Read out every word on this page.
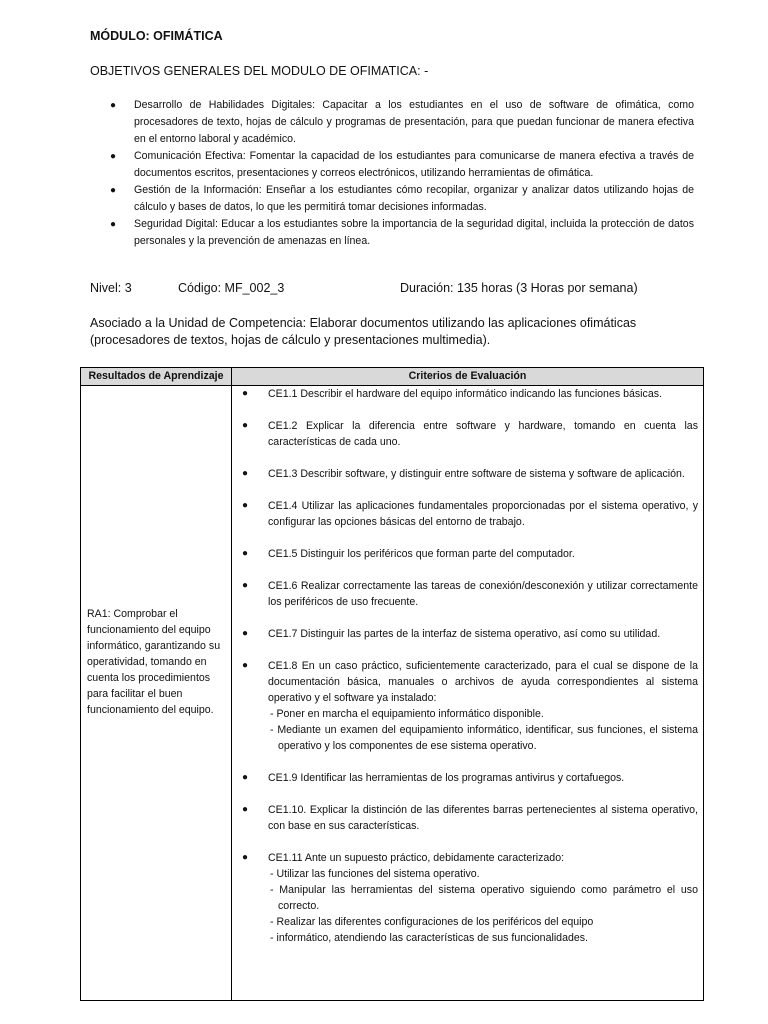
MÓDULO: OFIMÁTICA
OBJETIVOS GENERALES DEL MODULO DE OFIMATICA: -
● Desarrollo de Habilidades Digitales: Capacitar a los estudiantes en el uso de software de ofimática, como procesadores de texto, hojas de cálculo y programas de presentación, para que puedan funcionar de manera efectiva en el entorno laboral y académico.
● Comunicación Efectiva: Fomentar la capacidad de los estudiantes para comunicarse de manera efectiva a través de documentos escritos, presentaciones y correos electrónicos, utilizando herramientas de ofimática.
● Gestión de la Información: Enseñar a los estudiantes cómo recopilar, organizar y analizar datos utilizando hojas de cálculo y bases de datos, lo que les permitirá tomar decisiones informadas.
● Seguridad Digital: Educar a los estudiantes sobre la importancia de la seguridad digital, incluida la protección de datos personales y la prevención de amenazas en línea.
Nivel: 3	Código: MF_002_3	Duración: 135 horas (3 Horas por semana)
Asociado a la Unidad de Competencia: Elaborar documentos utilizando las aplicaciones ofimáticas (procesadores de textos, hojas de cálculo y presentaciones multimedia).
Resultados de Aprendizaje	Criterios de Evaluación
RA1: Comprobar el funcionamiento del equipo informático, garantizando su operatividad, tomando en cuenta los procedimientos para facilitar el buen funcionamiento del equipo.
● CE1.1 Describir el hardware del equipo informático indicando las funciones básicas.
● CE1.2 Explicar la diferencia entre software y hardware, tomando en cuenta las características de cada uno.
● CE1.3 Describir software, y distinguir entre software de sistema y software de aplicación.
● CE1.4 Utilizar las aplicaciones fundamentales proporcionadas por el sistema operativo, y configurar las opciones básicas del entorno de trabajo.
● CE1.5 Distinguir los periféricos que forman parte del computador.
● CE1.6 Realizar correctamente las tareas de conexión/desconexión y utilizar correctamente los periféricos de uso frecuente.
● CE1.7 Distinguir las partes de la interfaz de sistema operativo, así como su utilidad.
● CE1.8 En un caso práctico, suficientemente caracterizado, para el cual se dispone de la documentación básica, manuales o archivos de ayuda correspondientes al sistema operativo y el software ya instalado:
- Poner en marcha el equipamiento informático disponible.
- Mediante un examen del equipamiento informático, identificar, sus funciones, el sistema operativo y los componentes de ese sistema operativo.
● CE1.9 Identificar las herramientas de los programas antivirus y cortafuegos.
● CE1.10. Explicar la distinción de las diferentes barras pertenecientes al sistema operativo, con base en sus características.
● CE1.11 Ante un supuesto práctico, debidamente caracterizado:
- Utilizar las funciones del sistema operativo.
- Manipular las herramientas del sistema operativo siguiendo como parámetro el uso correcto.
- Realizar las diferentes configuraciones de los periféricos del equipo
- informático, atendiendo las características de sus funcionalidades.
